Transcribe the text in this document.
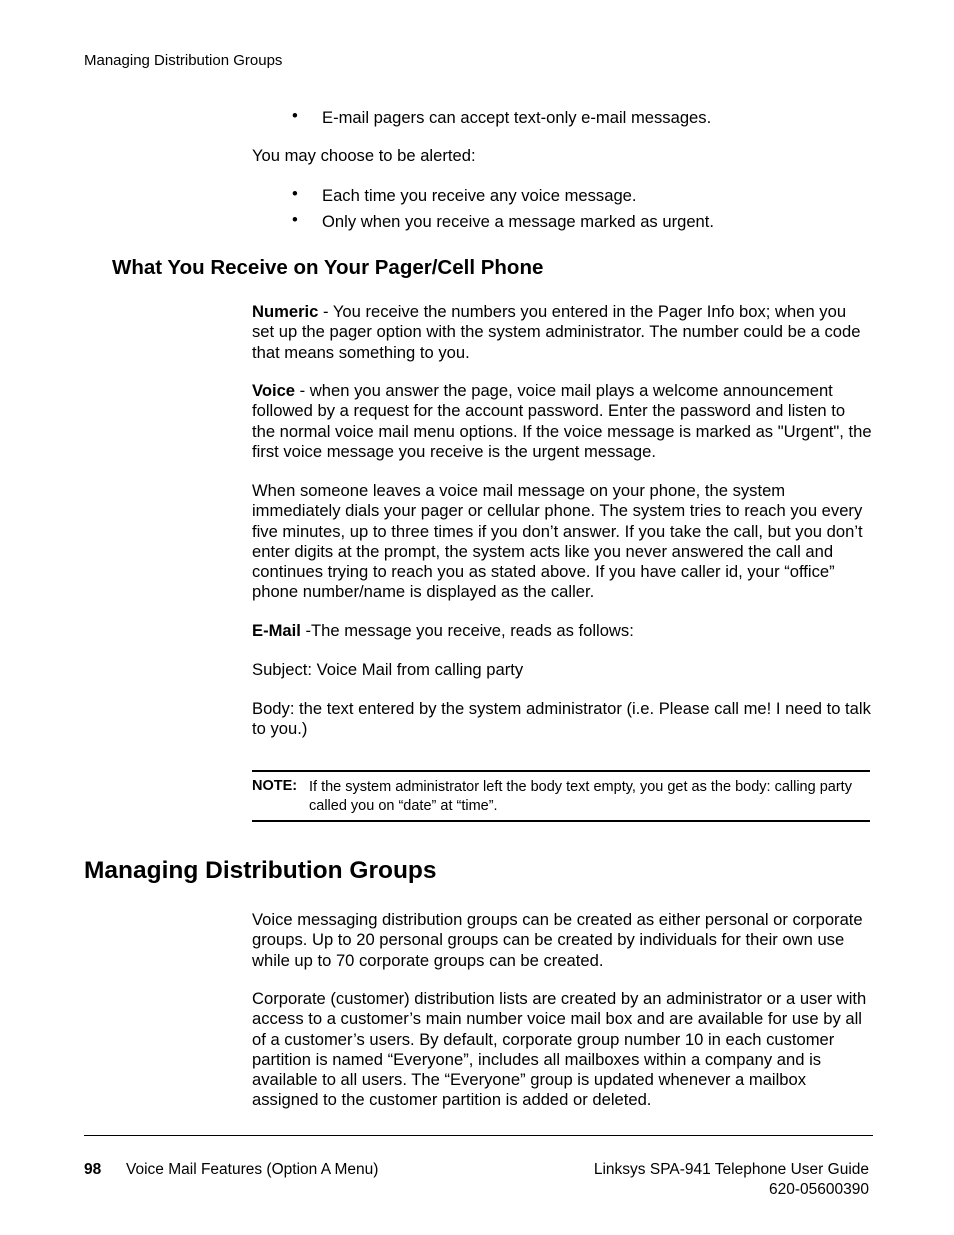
Managing Distribution Groups
• E-mail pagers can accept text-only e-mail messages.
You may choose to be alerted:
• Each time you receive any voice message.
• Only when you receive a message marked as urgent.
What You Receive on Your Pager/Cell Phone
Numeric - You receive the numbers you entered in the Pager Info box; when you set up the pager option with the system administrator. The number could be a code that means something to you.
Voice - when you answer the page, voice mail plays a welcome announcement followed by a request for the account password. Enter the password and listen to the normal voice mail menu options. If the voice message is marked as "Urgent", the first voice message you receive is the urgent message.
When someone leaves a voice mail message on your phone, the system immediately dials your pager or cellular phone. The system tries to reach you every five minutes, up to three times if you don’t answer. If you take the call, but you don’t enter digits at the prompt, the system acts like you never answered the call and continues trying to reach you as stated above. If you have caller id, your “office” phone number/name is displayed as the caller.
E-Mail -The message you receive, reads as follows:
Subject: Voice Mail from calling party
Body: the text entered by the system administrator (i.e. Please call me! I need to talk to you.)
NOTE: If the system administrator left the body text empty, you get as the body: calling party called you on “date” at “time”.
Managing Distribution Groups
Voice messaging distribution groups can be created as either personal or corporate groups. Up to 20 personal groups can be created by individuals for their own use while up to 70 corporate groups can be created.
Corporate (customer) distribution lists are created by an administrator or a user with access to a customer’s main number voice mail box and are available for use by all of a customer’s users. By default, corporate group number 10 in each customer partition is named “Everyone”, includes all mailboxes within a company and is available to all users. The “Everyone” group is updated whenever a mailbox assigned to the customer partition is added or deleted.
98 Voice Mail Features (Option A Menu)	Linksys SPA-941 Telephone User Guide
620-05600390
